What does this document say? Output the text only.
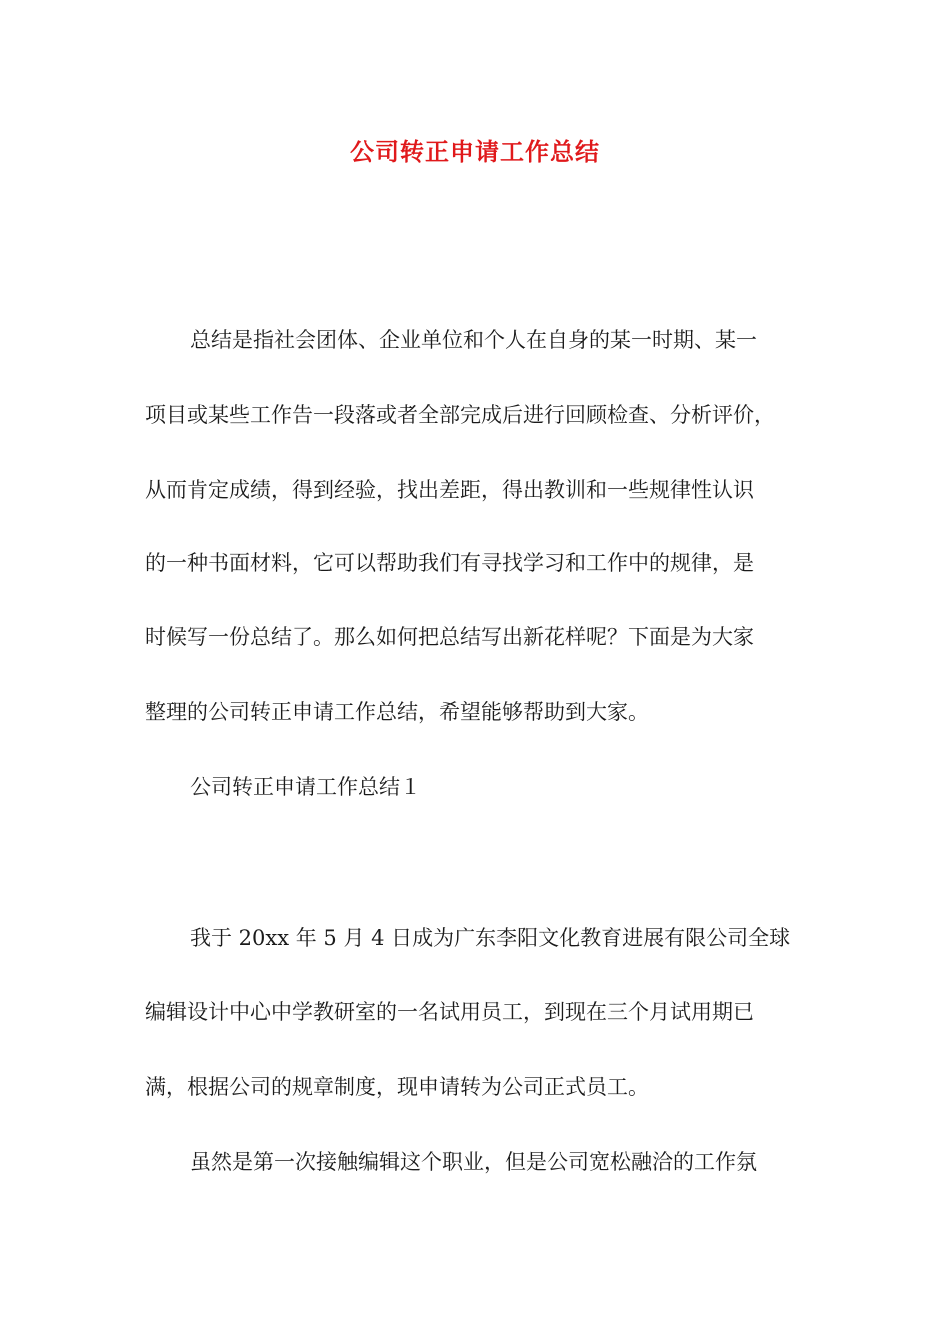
公司转正申请工作总结

总结是指社会团体、企业单位和个人在自身的某一时期、某一

项目或某些工作告一段落或者全部完成后进行回顾检查、分析评价，

从而肯定成绩，得到经验，找出差距，得出教训和一些规律性认识

的一种书面材料，它可以帮助我们有寻找学习和工作中的规律，是

时候写一份总结了。那么如何把总结写出新花样呢？下面是为大家

整理的公司转正申请工作总结，希望能够帮助到大家。

公司转正申请工作总结１

我于 20xx 年 5 月 4 日成为广东李阳文化教育进展有限公司全球

编辑设计中心中学教研室的一名试用员工，到现在三个月试用期已

满，根据公司的规章制度，现申请转为公司正式员工。

虽然是第一次接触编辑这个职业，但是公司宽松融洽的工作氛
